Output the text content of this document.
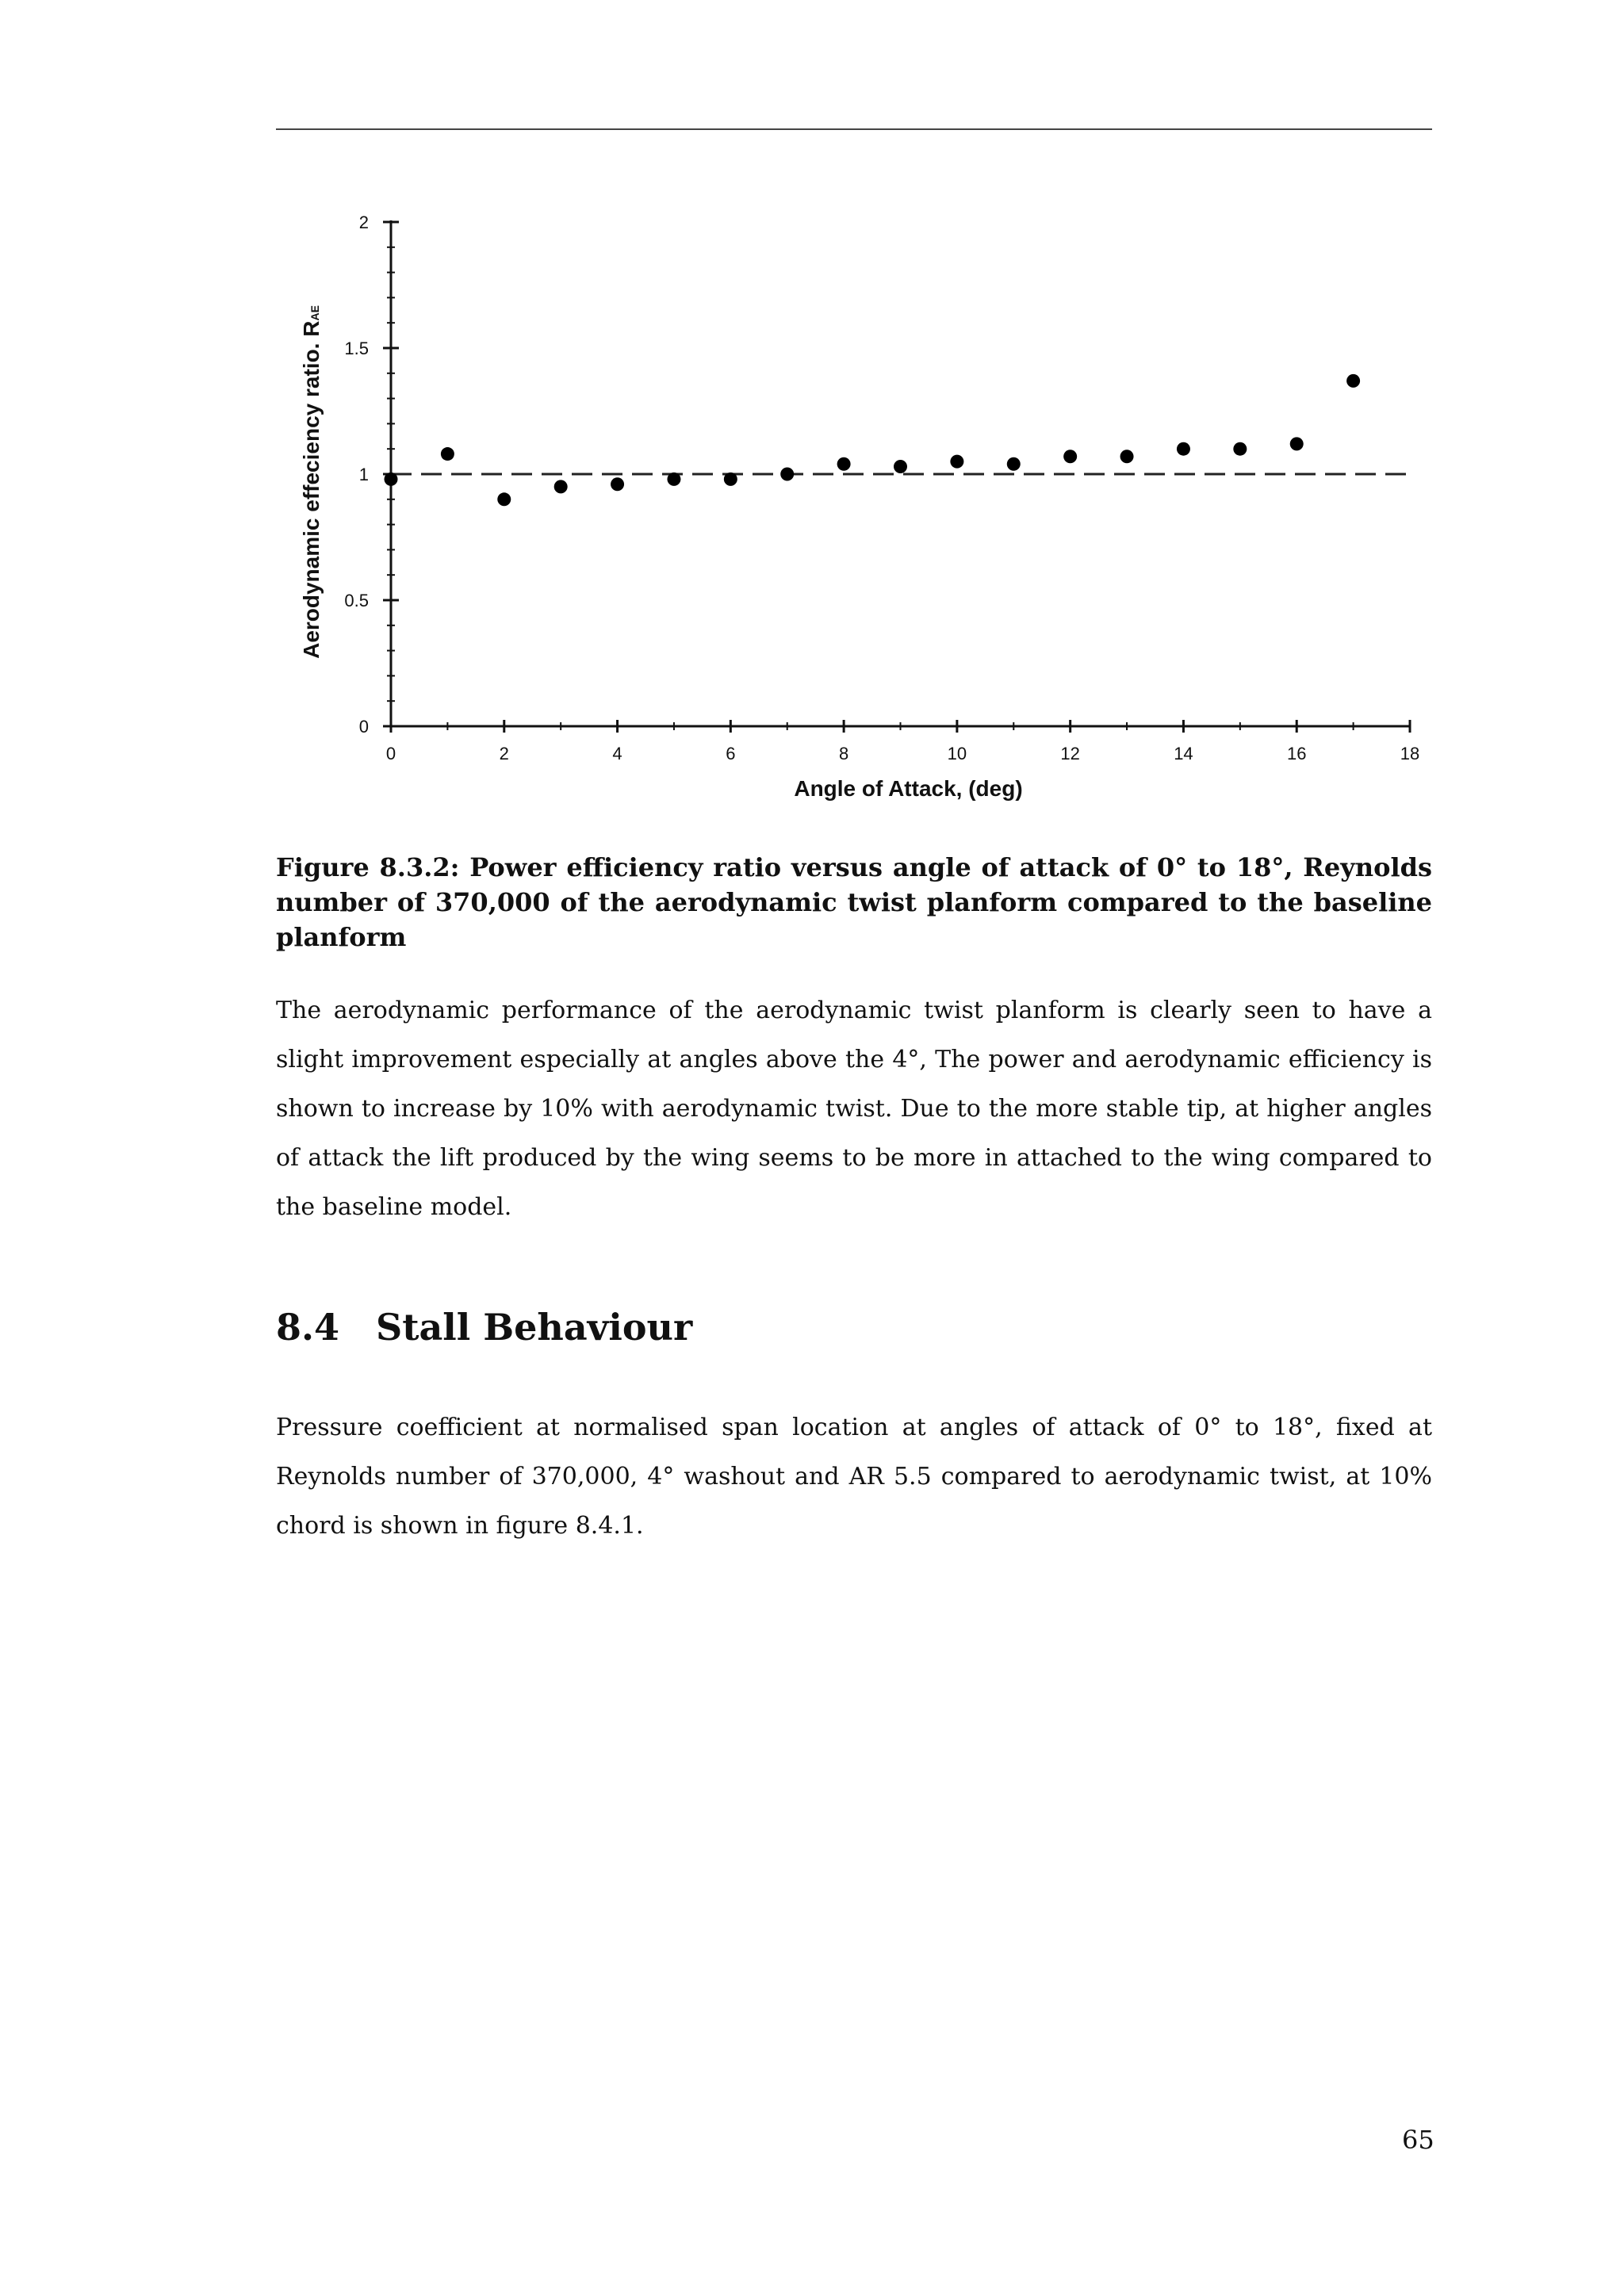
0
0.5
1
1.5
2
0	2	4	6	8	10	12	14	16	18
Angle of Attack, (deg)
Aerodynamic effeciency ratio. RAE
Figure 8.3.2: Power efficiency ratio versus angle of attack of 0° to 18°, Reynolds number of 370,000 of the aerodynamic twist planform compared to the baseline planform
The aerodynamic performance of the aerodynamic twist planform is clearly seen to have a slight improvement especially at angles above the 4°, The power and aerodynamic efficiency is shown to increase by 10% with aerodynamic twist. Due to the more stable tip, at higher angles of attack the lift produced by the wing seems to be more in attached to the wing compared to the baseline model.
8.4 Stall Behaviour
Pressure coefficient at normalised span location at angles of attack of 0° to 18°, fixed at Reynolds number of 370,000, 4° washout and AR 5.5 compared to aerodynamic twist, at 10% chord is shown in figure 8.4.1.
65
